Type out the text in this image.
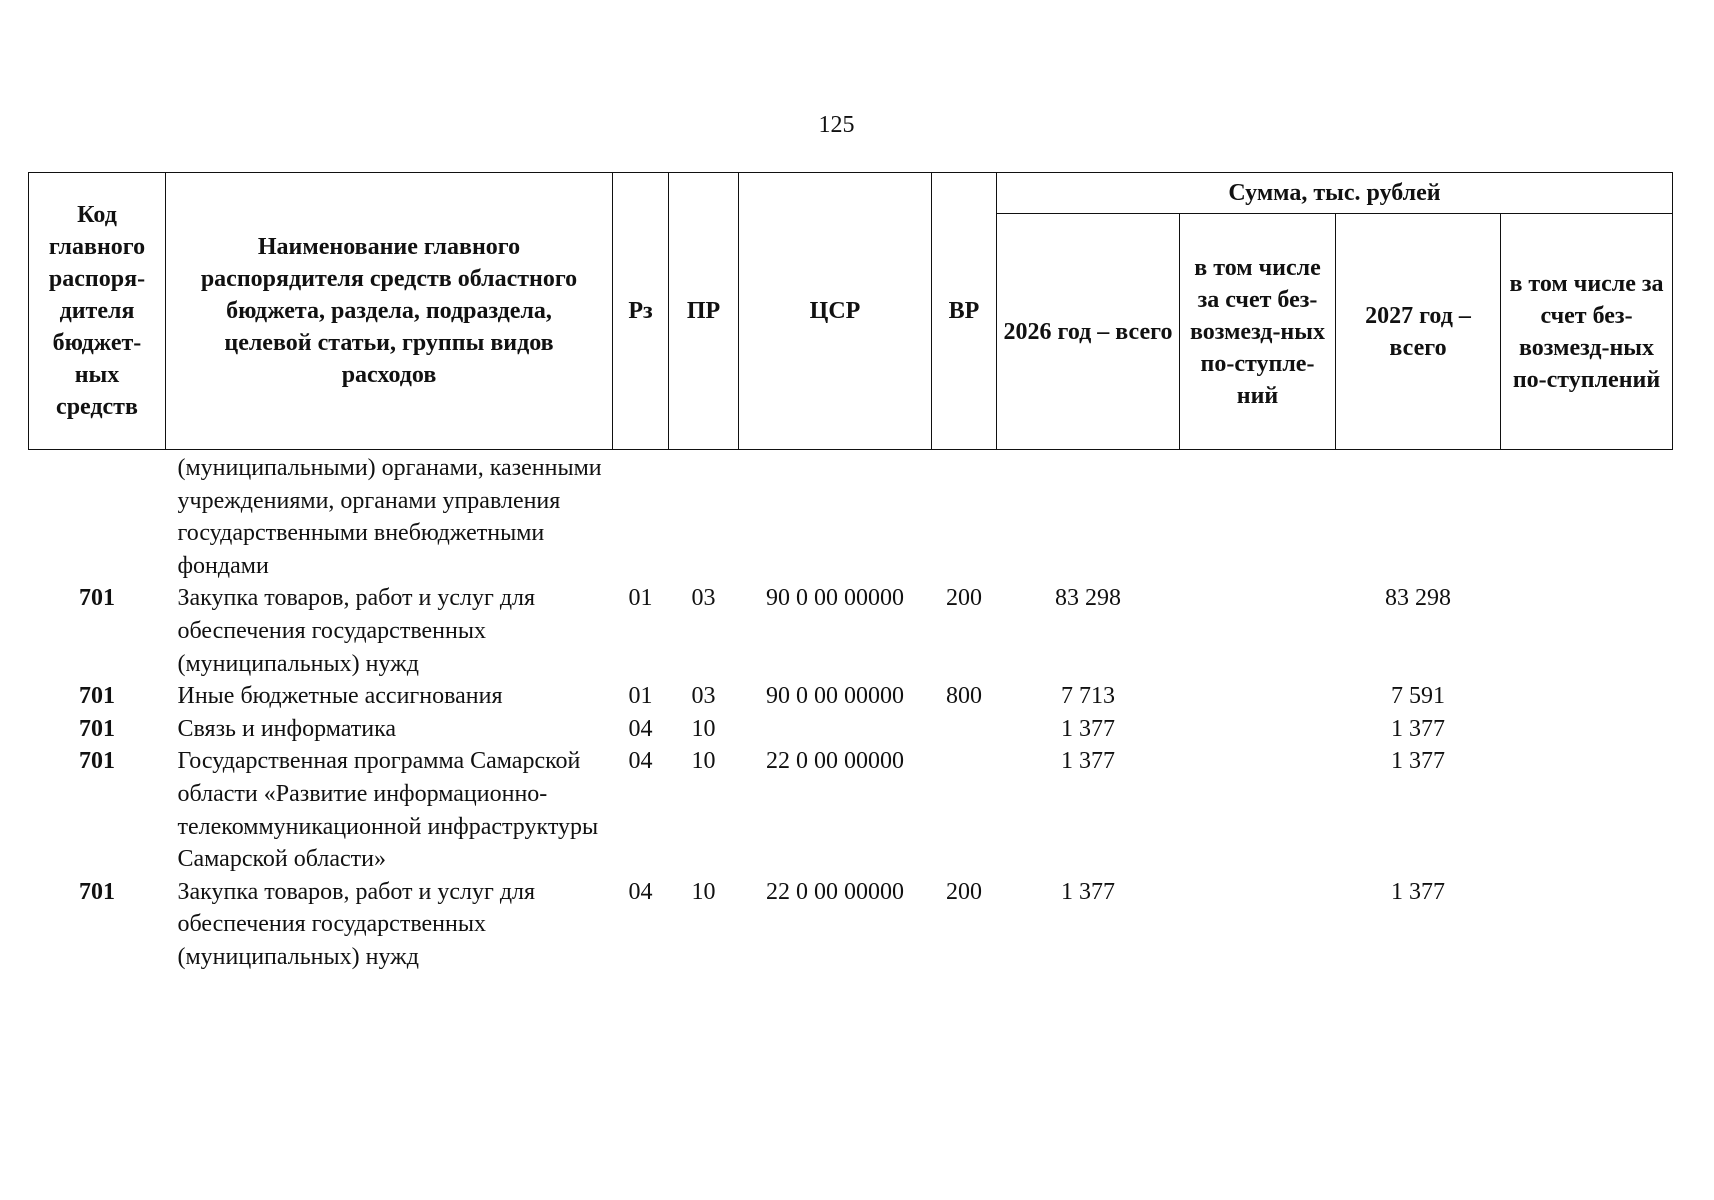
125
Код главного распоря-дителя бюджет-ных средств	Наименование главного распорядителя средств областного бюджета, раздела, подраздела, целевой статьи, группы видов расходов	Рз	ПР	ЦСР	ВР	Сумма, тыс. рублей			
						2026 год – всего	в том числе за счет без-возмезд-ных по-ступле-ний	2027 год – всего	в том числе за счет без-возмезд-ных по-ступлений
	(муниципальными) органами, казенными учреждениями, органами управления государственными внебюджетными фондами								
701	Закупка товаров, работ и услуг для обеспечения государственных (муниципальных) нужд	01	03	90 0 00 00000	200	83 298		83 298	
701	Иные бюджетные ассигнования	01	03	90 0 00 00000	800	7 713		7 591	
701	Связь и информатика	04	10			1 377		1 377	
701	Государственная программа Самарской области «Развитие информационно-телекоммуникационной инфраструктуры Самарской области»	04	10	22 0 00 00000		1 377		1 377	
701	Закупка товаров, работ и услуг для обеспечения государственных (муниципальных) нужд	04	10	22 0 00 00000	200	1 377		1 377	
